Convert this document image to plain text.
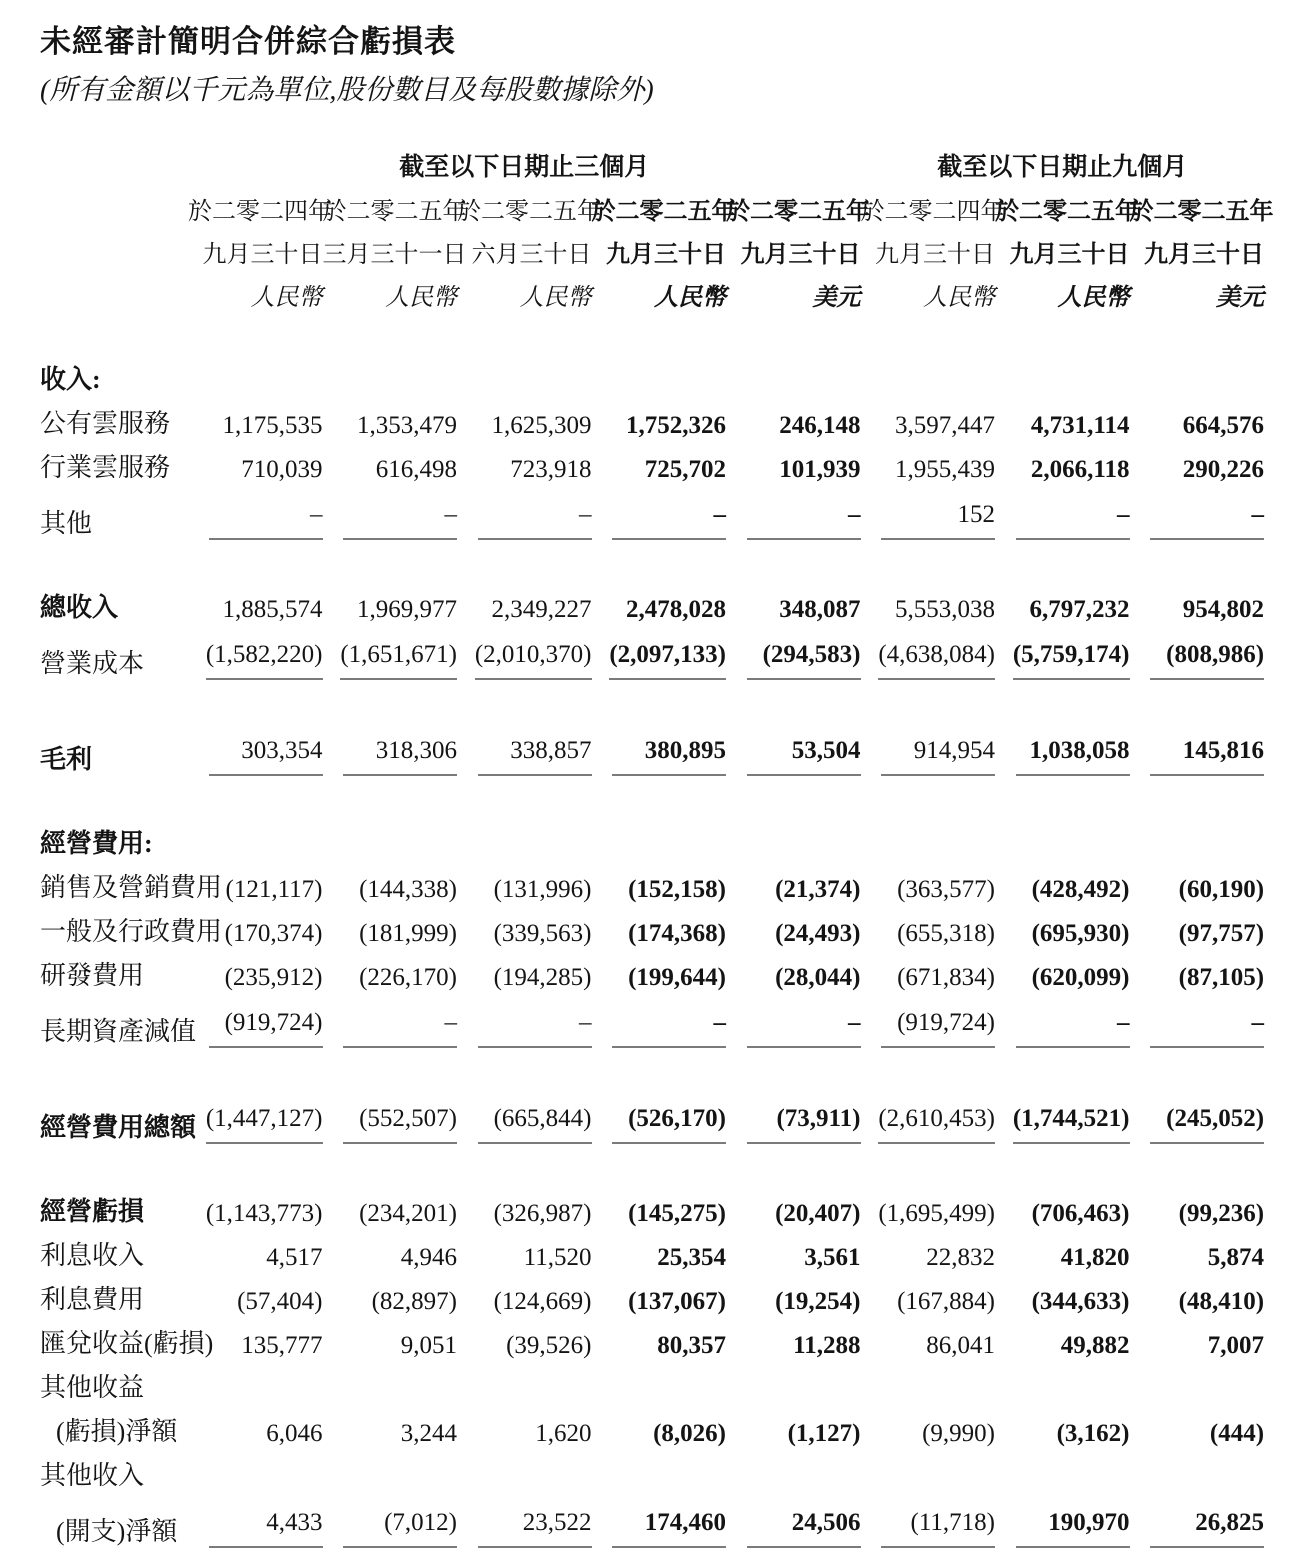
未經審計簡明合併綜合虧損表

(所有金額以千元為單位,股份數目及每股數據除外)

	截至以下日期止三個月					截至以下日期止九個月		
	於二零二四年	於二零二五年	於二零二五年	於二零二五年	於二零二五年	於二零二四年	於二零二五年	於二零二五年
	九月三十日	三月三十一日	六月三十日	九月三十日	九月三十日	九月三十日	九月三十日	九月三十日
	人民幣	人民幣	人民幣	人民幣	美元	人民幣	人民幣	美元
收入:								
公有雲服務	1,175,535	1,353,479	1,625,309	1,752,326	246,148	3,597,447	4,731,114	664,576
行業雲服務	710,039	616,498	723,918	725,702	101,939	1,955,439	2,066,118	290,226
其他	–	–	–	–	–	152	–	–
總收入	1,885,574	1,969,977	2,349,227	2,478,028	348,087	5,553,038	6,797,232	954,802
營業成本	(1,582,220)	(1,651,671)	(2,010,370)	(2,097,133)	(294,583)	(4,638,084)	(5,759,174)	(808,986)
毛利	303,354	318,306	338,857	380,895	53,504	914,954	1,038,058	145,816
經營費用:								
銷售及營銷費用	(121,117)	(144,338)	(131,996)	(152,158)	(21,374)	(363,577)	(428,492)	(60,190)
一般及行政費用	(170,374)	(181,999)	(339,563)	(174,368)	(24,493)	(655,318)	(695,930)	(97,757)
研發費用	(235,912)	(226,170)	(194,285)	(199,644)	(28,044)	(671,834)	(620,099)	(87,105)
長期資產減值	(919,724)	–	–	–	–	(919,724)	–	–
經營費用總額	(1,447,127)	(552,507)	(665,844)	(526,170)	(73,911)	(2,610,453)	(1,744,521)	(245,052)
經營虧損	(1,143,773)	(234,201)	(326,987)	(145,275)	(20,407)	(1,695,499)	(706,463)	(99,236)
利息收入	4,517	4,946	11,520	25,354	3,561	22,832	41,820	5,874
利息費用	(57,404)	(82,897)	(124,669)	(137,067)	(19,254)	(167,884)	(344,633)	(48,410)
匯兌收益(虧損)	135,777	9,051	(39,526)	80,357	11,288	86,041	49,882	7,007
其他收益								
(虧損)淨額	6,046	3,244	1,620	(8,026)	(1,127)	(9,990)	(3,162)	(444)
其他收入								
(開支)淨額	4,433	(7,012)	23,522	174,460	24,506	(11,718)	190,970	26,825
